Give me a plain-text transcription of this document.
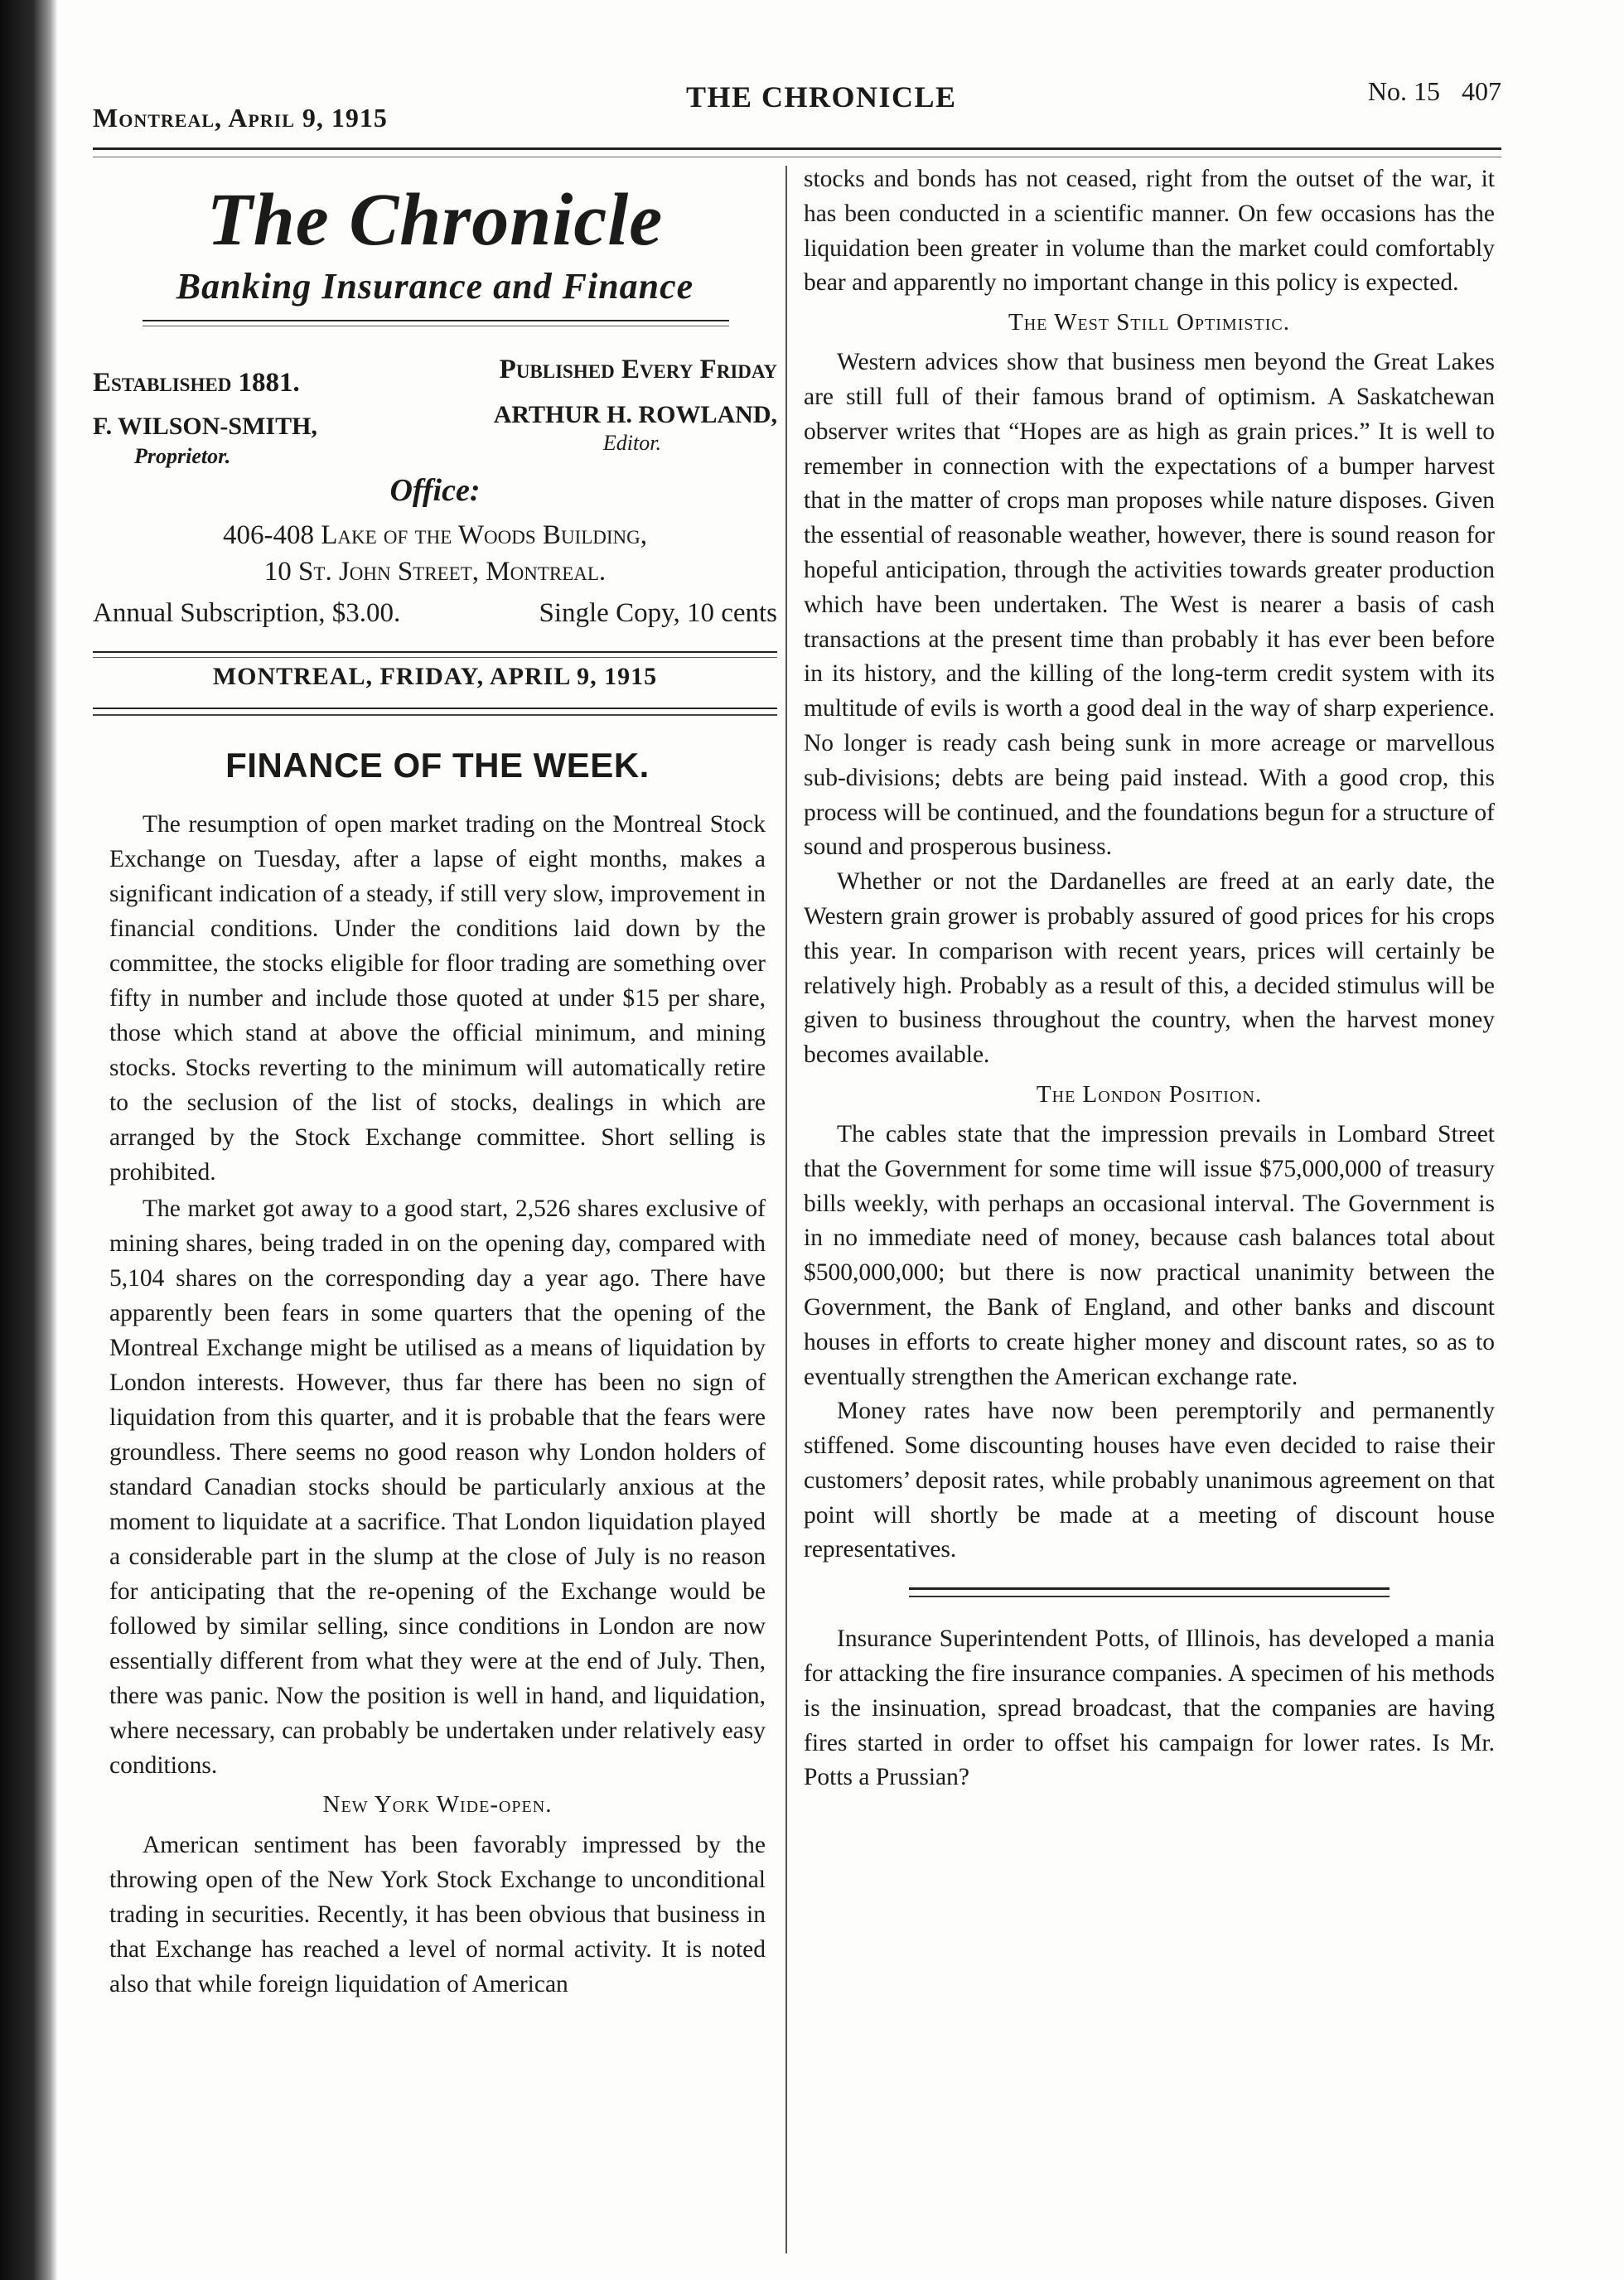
Montreal, April 9, 1915
THE CHRONICLE	No. 15 407
The Chronicle
Banking Insurance and Finance
Established 1881.	Published Every Friday
F. WILSON-SMITH,
Proprietor.
ARTHUR H. ROWLAND,
Editor.
Office:
406-408 Lake of the Woods Building,
10 St. John Street, Montreal.
Annual Subscription, $3.00.	Single Copy, 10 cents
MONTREAL, FRIDAY, APRIL 9, 1915
FINANCE OF THE WEEK.

The resumption of open market trading on the Montreal Stock Exchange on Tuesday, after a lapse of eight months, makes a significant indication of a steady, if still very slow, improvement in financial conditions. Under the conditions laid down by the committee, the stocks eligible for floor trading are something over fifty in number and include those quoted at under $15 per share, those which stand at above the official minimum, and mining stocks. Stocks reverting to the minimum will automatically retire to the seclusion of the list of stocks, dealings in which are arranged by the Stock Exchange committee. Short selling is prohibited.

The market got away to a good start, 2,526 shares exclusive of mining shares, being traded in on the opening day, compared with 5,104 shares on the corresponding day a year ago. There have apparently been fears in some quarters that the opening of the Montreal Exchange might be utilised as a means of liquidation by London interests. However, thus far there has been no sign of liquidation from this quarter, and it is probable that the fears were groundless. There seems no good reason why London holders of standard Canadian stocks should be particularly anxious at the moment to liquidate at a sacrifice. That London liquidation played a considerable part in the slump at the close of July is no reason for anticipating that the re-opening of the Exchange would be followed by similar selling, since conditions in London are now essentially different from what they were at the end of July. Then, there was panic. Now the position is well in hand, and liquidation, where necessary, can probably be undertaken under relatively easy conditions.

New York Wide-open.

American sentiment has been favorably impressed by the throwing open of the New York Stock Exchange to unconditional trading in securities. Recently, it has been obvious that business in that Exchange has reached a level of normal activity. It is noted also that while foreign liquidation of American

stocks and bonds has not ceased, right from the outset of the war, it has been conducted in a scientific manner. On few occasions has the liquidation been greater in volume than the market could comfortably bear and apparently no important change in this policy is expected.

The West Still Optimistic.

Western advices show that business men beyond the Great Lakes are still full of their famous brand of optimism. A Saskatchewan observer writes that “Hopes are as high as grain prices.” It is well to remember in connection with the expectations of a bumper harvest that in the matter of crops man proposes while nature disposes. Given the essential of reasonable weather, however, there is sound reason for hopeful anticipation, through the activities towards greater production which have been undertaken. The West is nearer a basis of cash transactions at the present time than probably it has ever been before in its history, and the killing of the long-term credit system with its multitude of evils is worth a good deal in the way of sharp experience. No longer is ready cash being sunk in more acreage or marvellous sub-divisions; debts are being paid instead. With a good crop, this process will be continued, and the foundations begun for a structure of sound and prosperous business.

Whether or not the Dardanelles are freed at an early date, the Western grain grower is probably assured of good prices for his crops this year. In comparison with recent years, prices will certainly be relatively high. Probably as a result of this, a decided stimulus will be given to business throughout the country, when the harvest money becomes available.

The London Position.

The cables state that the impression prevails in Lombard Street that the Government for some time will issue $75,000,000 of treasury bills weekly, with perhaps an occasional interval. The Government is in no immediate need of money, because cash balances total about $500,000,000; but there is now practical unanimity between the Government, the Bank of England, and other banks and discount houses in efforts to create higher money and discount rates, so as to eventually strengthen the American exchange rate.

Money rates have now been peremptorily and permanently stiffened. Some discounting houses have even decided to raise their customers’ deposit rates, while probably unanimous agreement on that point will shortly be made at a meeting of discount house representatives.

Insurance Superintendent Potts, of Illinois, has developed a mania for attacking the fire insurance companies. A specimen of his methods is the insinuation, spread broadcast, that the companies are having fires started in order to offset his campaign for lower rates. Is Mr. Potts a Prussian?
